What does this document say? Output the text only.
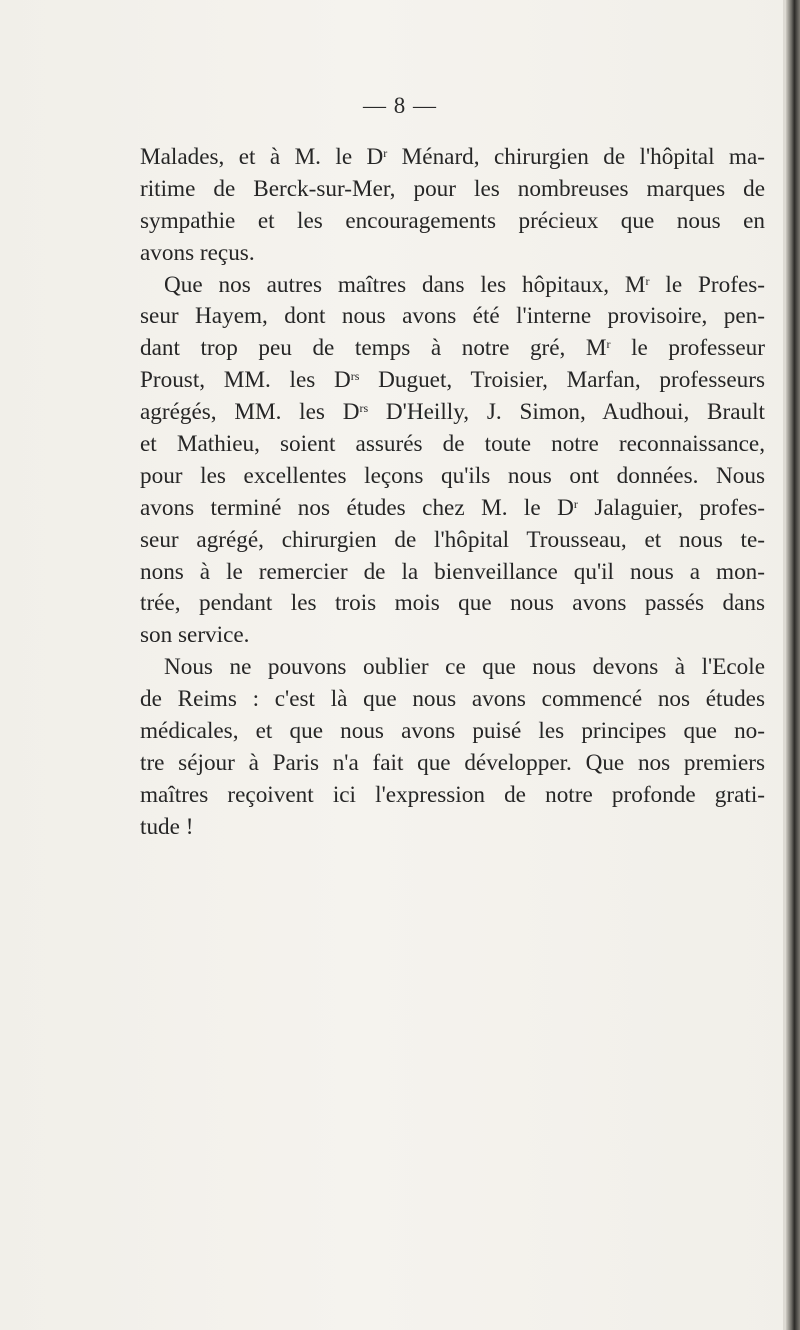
— 8 —
Malades, et à M. le $D^r$ Ménard, chirurgien de l'hôpital ma-
ritime de Berck-sur-Mer, pour les nombreuses marques de
sympathie et les encouragements précieux que nous en
avons reçus.
Que nos autres maîtres dans les hôpitaux, $M^r$ le Profes-
seur Hayem, dont nous avons été l'interne provisoire, pen-
dant trop peu de temps à notre gré, $M^r$ le professeur
Proust, MM. les $D^{rs}$ Duguet, Troisier, Marfan, professeurs
agrégés, MM. les $D^{rs}$ D'Heilly, J. Simon, Audhoui, Brault
et Mathieu, soient assurés de toute notre reconnaissance,
pour les excellentes leçons qu'ils nous ont données. Nous
avons terminé nos études chez M. le $D^r$ Jalaguier, profes-
seur agrégé, chirurgien de l'hôpital Trousseau, et nous te-
nons à le remercier de la bienveillance qu'il nous a mon-
trée, pendant les trois mois que nous avons passés dans
son service.
Nous ne pouvons oublier ce que nous devons à l'Ecole
de Reims : c'est là que nous avons commencé nos études
médicales, et que nous avons puisé les principes que no-
tre séjour à Paris n'a fait que développer. Que nos premiers
maîtres reçoivent ici l'expression de notre profonde grati-
tude !
